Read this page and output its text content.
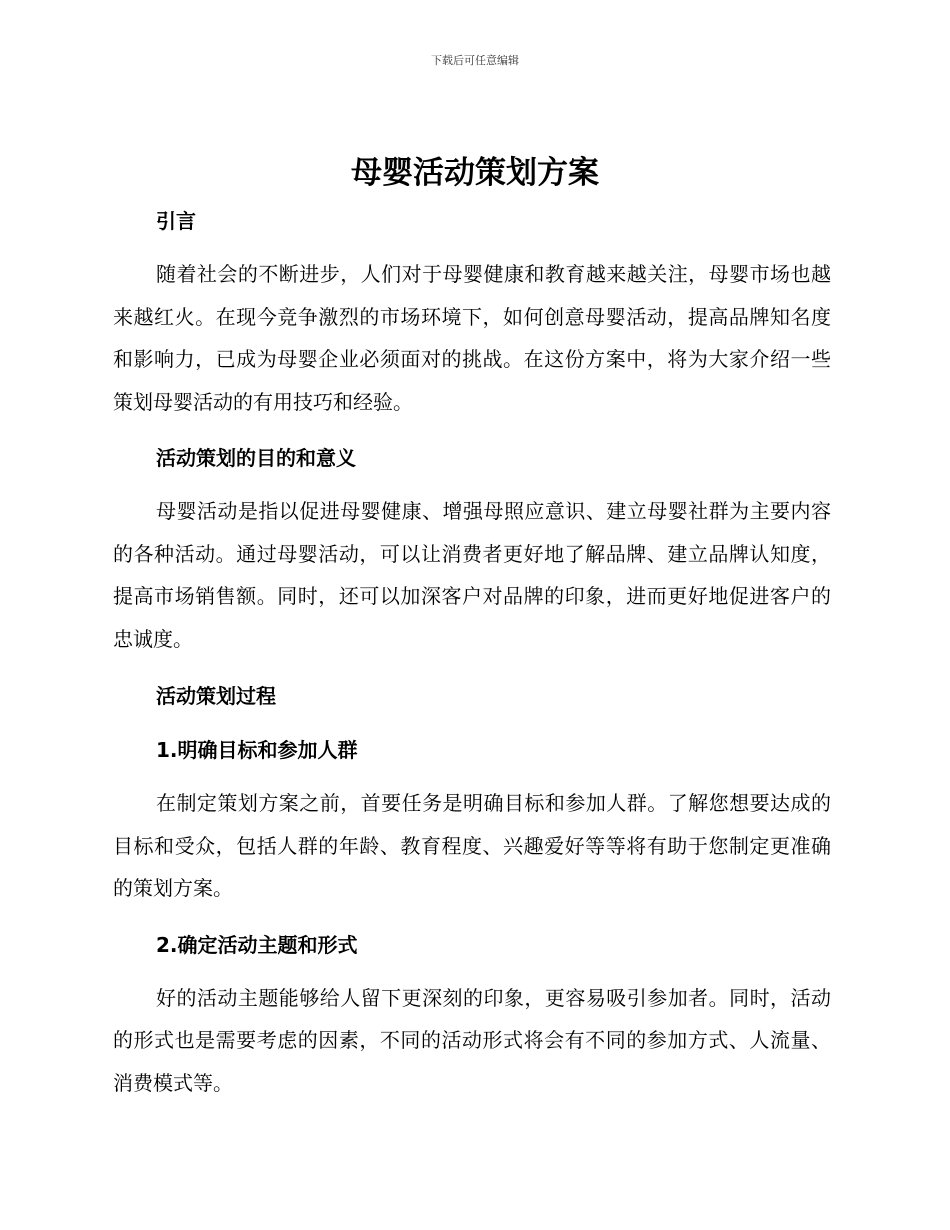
下载后可任意编辑
母婴活动策划方案

引言

随着社会的不断进步，人们对于母婴健康和教育越来越关注，母婴市场也越来越红火。在现今竞争激烈的市场环境下，如何创意母婴活动，提高品牌知名度和影响力，已成为母婴企业必须面对的挑战。在这份方案中，将为大家介绍一些策划母婴活动的有用技巧和经验。

活动策划的目的和意义

母婴活动是指以促进母婴健康、增强母照应意识、建立母婴社群为主要内容的各种活动。通过母婴活动，可以让消费者更好地了解品牌、建立品牌认知度，提高市场销售额。同时，还可以加深客户对品牌的印象，进而更好地促进客户的忠诚度。

活动策划过程

1.明确目标和参加人群

在制定策划方案之前，首要任务是明确目标和参加人群。了解您想要达成的目标和受众，包括人群的年龄、教育程度、兴趣爱好等等将有助于您制定更准确的策划方案。

2.确定活动主题和形式

好的活动主题能够给人留下更深刻的印象，更容易吸引参加者。同时，活动的形式也是需要考虑的因素，不同的活动形式将会有不同的参加方式、人流量、消费模式等。
